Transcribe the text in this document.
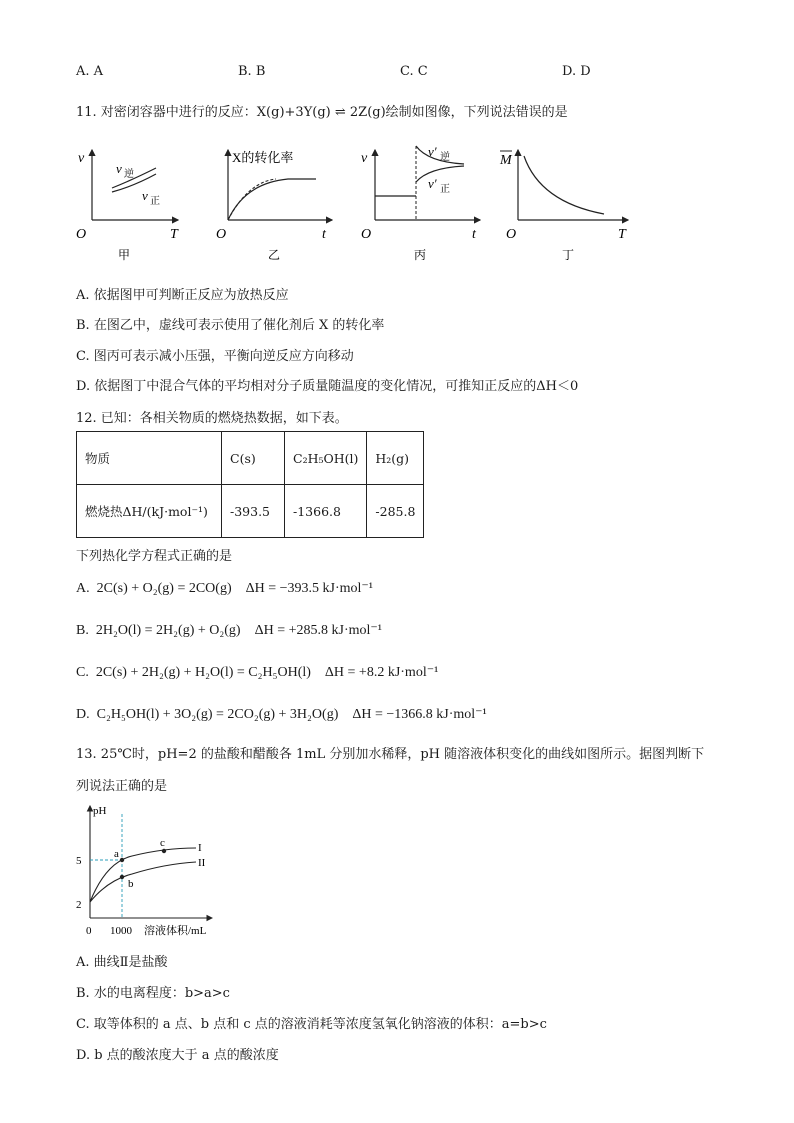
A. A	B. B	C. C	D. D
11. 对密闭容器中进行的反应：X(g)+3Y(g) ⇌ 2Z(g)绘制如图像，下列说法错误的是
v
O	T
v 逆
v 正
甲
X的转化率
O	t
乙
v
O	t
v′ 逆
v′ 正
丙
M
O	T
丁
A. 依据图甲可判断正反应为放热反应
B. 在图乙中，虚线可表示使用了催化剂后 X 的转化率
C. 图丙可表示减小压强，平衡向逆反应方向移动
D. 依据图丁中混合气体的平均相对分子质量随温度的变化情况，可推知正反应的ΔH＜0
12. 已知：各相关物质的燃烧热数据，如下表。
物质	C(s)	C₂H₅OH(l)	H₂(g)
燃烧热ΔH/(kJ·mol⁻¹)	-393.5	-1366.8	-285.8
下列热化学方程式正确的是
A. 2C(s) + O₂(g) = 2CO(g) ΔH = −393.5 kJ·mol⁻¹
B. 2H₂O(l) = 2H₂(g) + O₂(g) ΔH = +285.8 kJ·mol⁻¹
C. 2C(s) + 2H₂(g) + H₂O(l) = C₂H₅OH(l) ΔH = +8.2 kJ·mol⁻¹
D. C₂H₅OH(l) + 3O₂(g) = 2CO₂(g) + 3H₂O(g) ΔH = −1366.8 kJ·mol⁻¹
13. 25℃时，pH=2 的盐酸和醋酸各 1mL 分别加水稀释，pH 随溶液体积变化的曲线如图所示。据图判断下
列说法正确的是
pH
5
2
0 1000 溶液体积/mL
a
b
c	I
II
A. 曲线Ⅱ是盐酸
B. 水的电离程度：b>a>c
C. 取等体积的 a 点、b 点和 c 点的溶液消耗等浓度氢氧化钠溶液的体积：a=b>c
D. b 点的酸浓度大于 a 点的酸浓度
